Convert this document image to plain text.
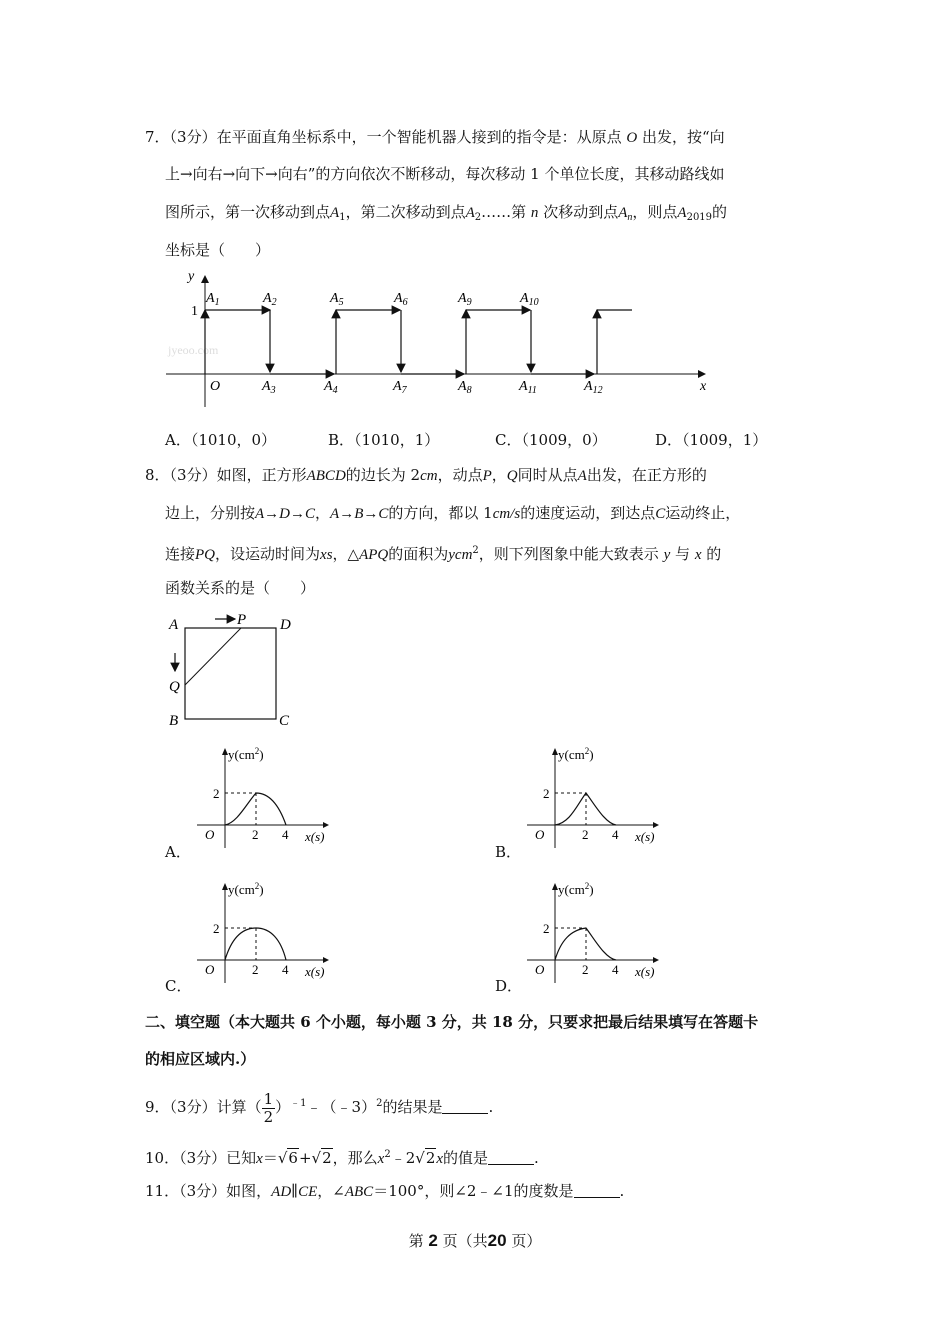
7．（3分）在平面直角坐标系中，一个智能机器人接到的指令是：从原点 O 出发，按“向
上→向右→向下→向右”的方向依次不断移动，每次移动 1 个单位长度，其移动路线如
图所示，第一次移动到点$A_1$，第二次移动到点$A_2\dots\dots$第 n 次移动到点$A_n$，则点$A_{2019}$的
坐标是（　　）
y
x
1
O
jyeoo.com
$A_1$	$A_2$	$A_5$	$A_6$	$A_9$	$A_{10}$
$A_3$	$A_4$	$A_7$	$A_8$	$A_{11}$	$A_{12}$
A．（1010，0）	B．（1010，1）	C．（1009，0）	D．（1009，1）
8．（3分）如图，正方形ABCD的边长为 2cm，动点P，Q同时从点A出发，在正方形的
边上，分别按A→D→C，A→B→C的方向，都以 1cm/s的速度运动，到达点C运动终止，
连接PQ，设运动时间为xs，△APQ的面积为ycm$^2$，则下列图象中能大致表示 y 与 x 的
函数关系的是（　　）
A	P D
Q
B	C
2
O	2 4 x(s)
$y(cm^2)$
2
O	2 4 x(s)
$y(cm^2)$
2
O	2 4 x(s)
$y(cm^2)$
2
O	2 4 x(s)
$y(cm^2)$
A．	B．
C．	D．
二、填空题（本大题共 6 个小题，每小题 3 分，共 18 分，只要求把最后结果填写在答题卡
的相应区域内.）
9．（3分）计算（ $\frac{1}{2}$ ）$^{﹣1}$﹣（﹣3）$^2$的结果是	.
10．（3分）已知x＝√6+√2，那么$x^2﹣2√2x$的值是	.
11．（3分）如图，AD∥CE，∠ABC＝100°，则∠2﹣∠1的度数是	.
第 2 页（共20 页）
